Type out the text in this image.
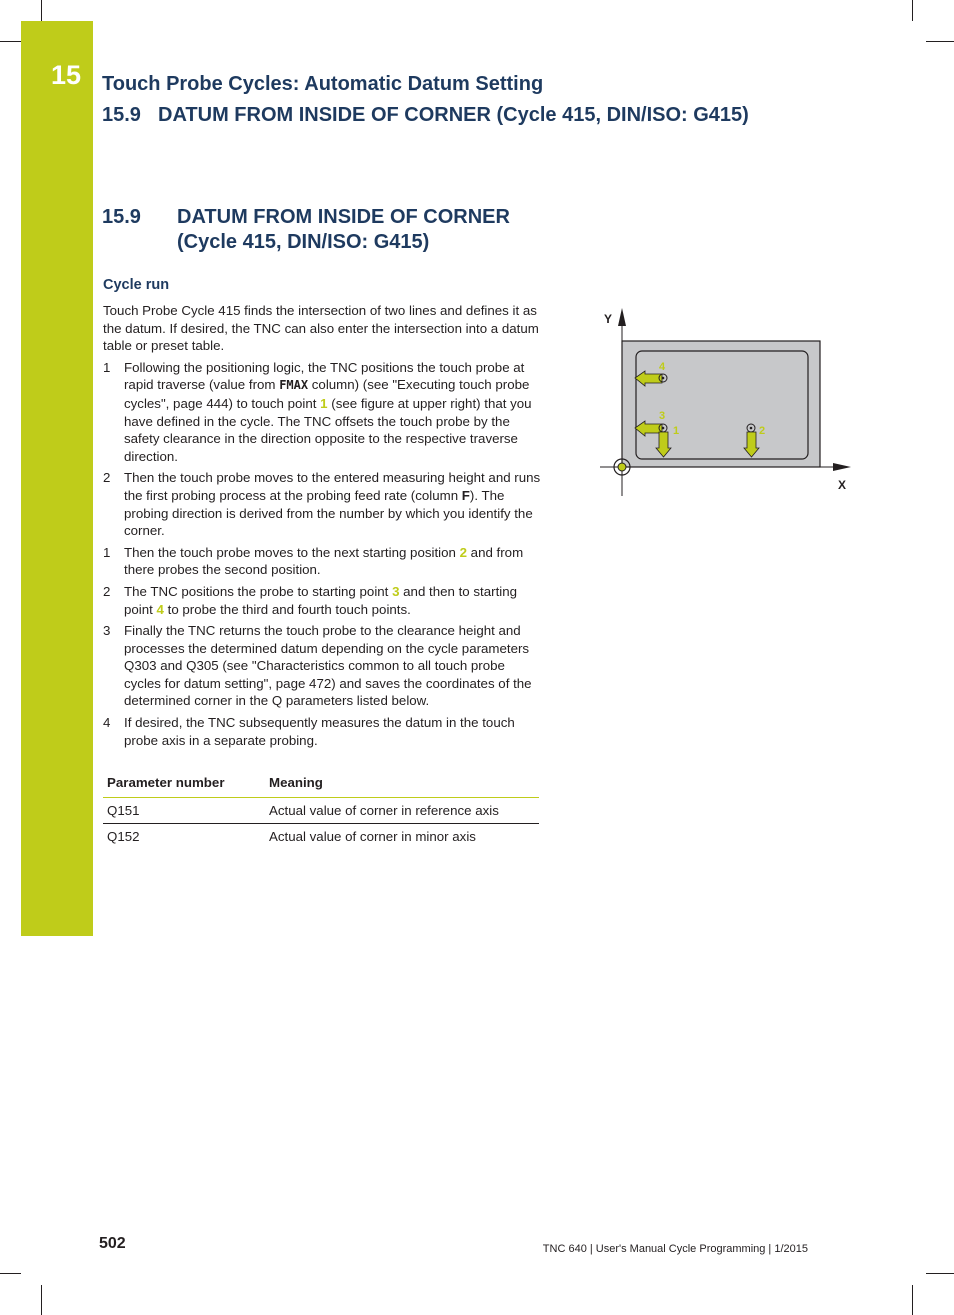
15 Touch Probe Cycles: Automatic Datum Setting
15.9 DATUM FROM INSIDE OF CORNER (Cycle 415, DIN/ISO: G415)
15.9 DATUM FROM INSIDE OF CORNER
(Cycle 415, DIN/ISO: G415)
Cycle run

Touch Probe Cycle 415 finds the intersection of two lines and defines it as the datum. If desired, the TNC can also enter the intersection into a datum table or preset table.

1 Following the positioning logic, the TNC positions the touch probe at rapid traverse (value from FMAX column) (see "Executing touch probe cycles", page 444) to touch point 1 (see figure at upper right) that you have defined in the cycle. The TNC offsets the touch probe by the safety clearance in the direction opposite to the respective traverse direction.
2 Then the touch probe moves to the entered measuring height and runs the first probing process at the probing feed rate (column F). The probing direction is derived from the number by which you identify the corner.
1 Then the touch probe moves to the next starting position 2 and from there probes the second position.
2 The TNC positions the probe to starting point 3 and then to starting point 4 to probe the third and fourth touch points.
3 Finally the TNC returns the touch probe to the clearance height and processes the determined datum depending on the cycle parameters Q303 and Q305 (see "Characteristics common to all touch probe cycles for datum setting", page 472) and saves the coordinates of the determined corner in the Q parameters listed below.
4 If desired, the TNC subsequently measures the datum in the touch probe axis in a separate probing.
Parameter number	Meaning
Q151	Actual value of corner in reference axis
Q152	Actual value of corner in minor axis
Y
X
4
3
1	2
502	TNC 640 | User's Manual Cycle Programming | 1/2015
